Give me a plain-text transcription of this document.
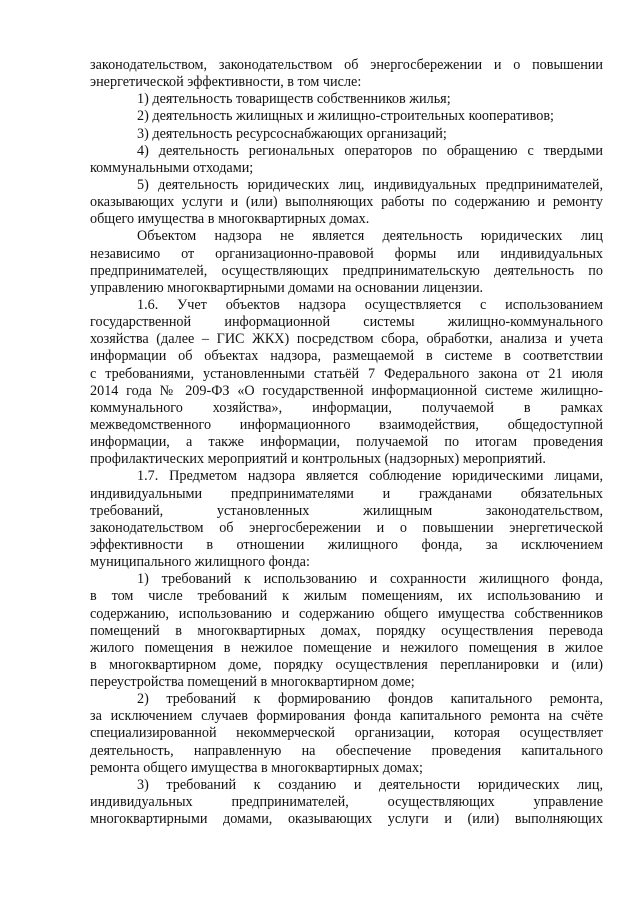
законодательством, законодательством об энергосбережении и о повышении
энергетической эффективности, в том числе:
1) деятельность товариществ собственников жилья;
2) деятельность жилищных и жилищно-строительных кооперативов;
3) деятельность ресурсоснабжающих организаций;
4) деятельность региональных операторов по обращению с твердыми
коммунальными отходами;
5) деятельность юридических лиц, индивидуальных предпринимателей,
оказывающих услуги и (или) выполняющих работы по содержанию и ремонту
общего имущества в многоквартирных домах.
Объектом надзора не является деятельность юридических лиц
независимо от организационно-правовой формы или индивидуальных
предпринимателей, осуществляющих предпринимательскую деятельность по
управлению многоквартирными домами на основании лицензии.
1.6. Учет объектов надзора осуществляется с использованием
государственной информационной системы жилищно-коммунального
хозяйства (далее – ГИС ЖКХ) посредством сбора, обработки, анализа и учета
информации об объектах надзора, размещаемой в системе в соответствии
с требованиями, установленными статьёй 7 Федерального закона от 21 июля
2014 года № 209-ФЗ «О государственной информационной системе жилищно-
коммунального хозяйства», информации, получаемой в рамках
межведомственного информационного взаимодействия, общедоступной
информации, а также информации, получаемой по итогам проведения
профилактических мероприятий и контрольных (надзорных) мероприятий.
1.7. Предметом надзора является соблюдение юридическими лицами,
индивидуальными предпринимателями и гражданами обязательных
требований, установленных жилищным законодательством,
законодательством об энергосбережении и о повышении энергетической
эффективности в отношении жилищного фонда, за исключением
муниципального жилищного фонда:
1) требований к использованию и сохранности жилищного фонда,
в том числе требований к жилым помещениям, их использованию и
содержанию, использованию и содержанию общего имущества собственников
помещений в многоквартирных домах, порядку осуществления перевода
жилого помещения в нежилое помещение и нежилого помещения в жилое
в многоквартирном доме, порядку осуществления перепланировки и (или)
переустройства помещений в многоквартирном доме;
2) требований к формированию фондов капитального ремонта,
за исключением случаев формирования фонда капитального ремонта на счёте
специализированной некоммерческой организации, которая осуществляет
деятельность, направленную на обеспечение проведения капитального
ремонта общего имущества в многоквартирных домах;
3) требований к созданию и деятельности юридических лиц,
индивидуальных предпринимателей, осуществляющих управление
многоквартирными домами, оказывающих услуги и (или) выполняющих
